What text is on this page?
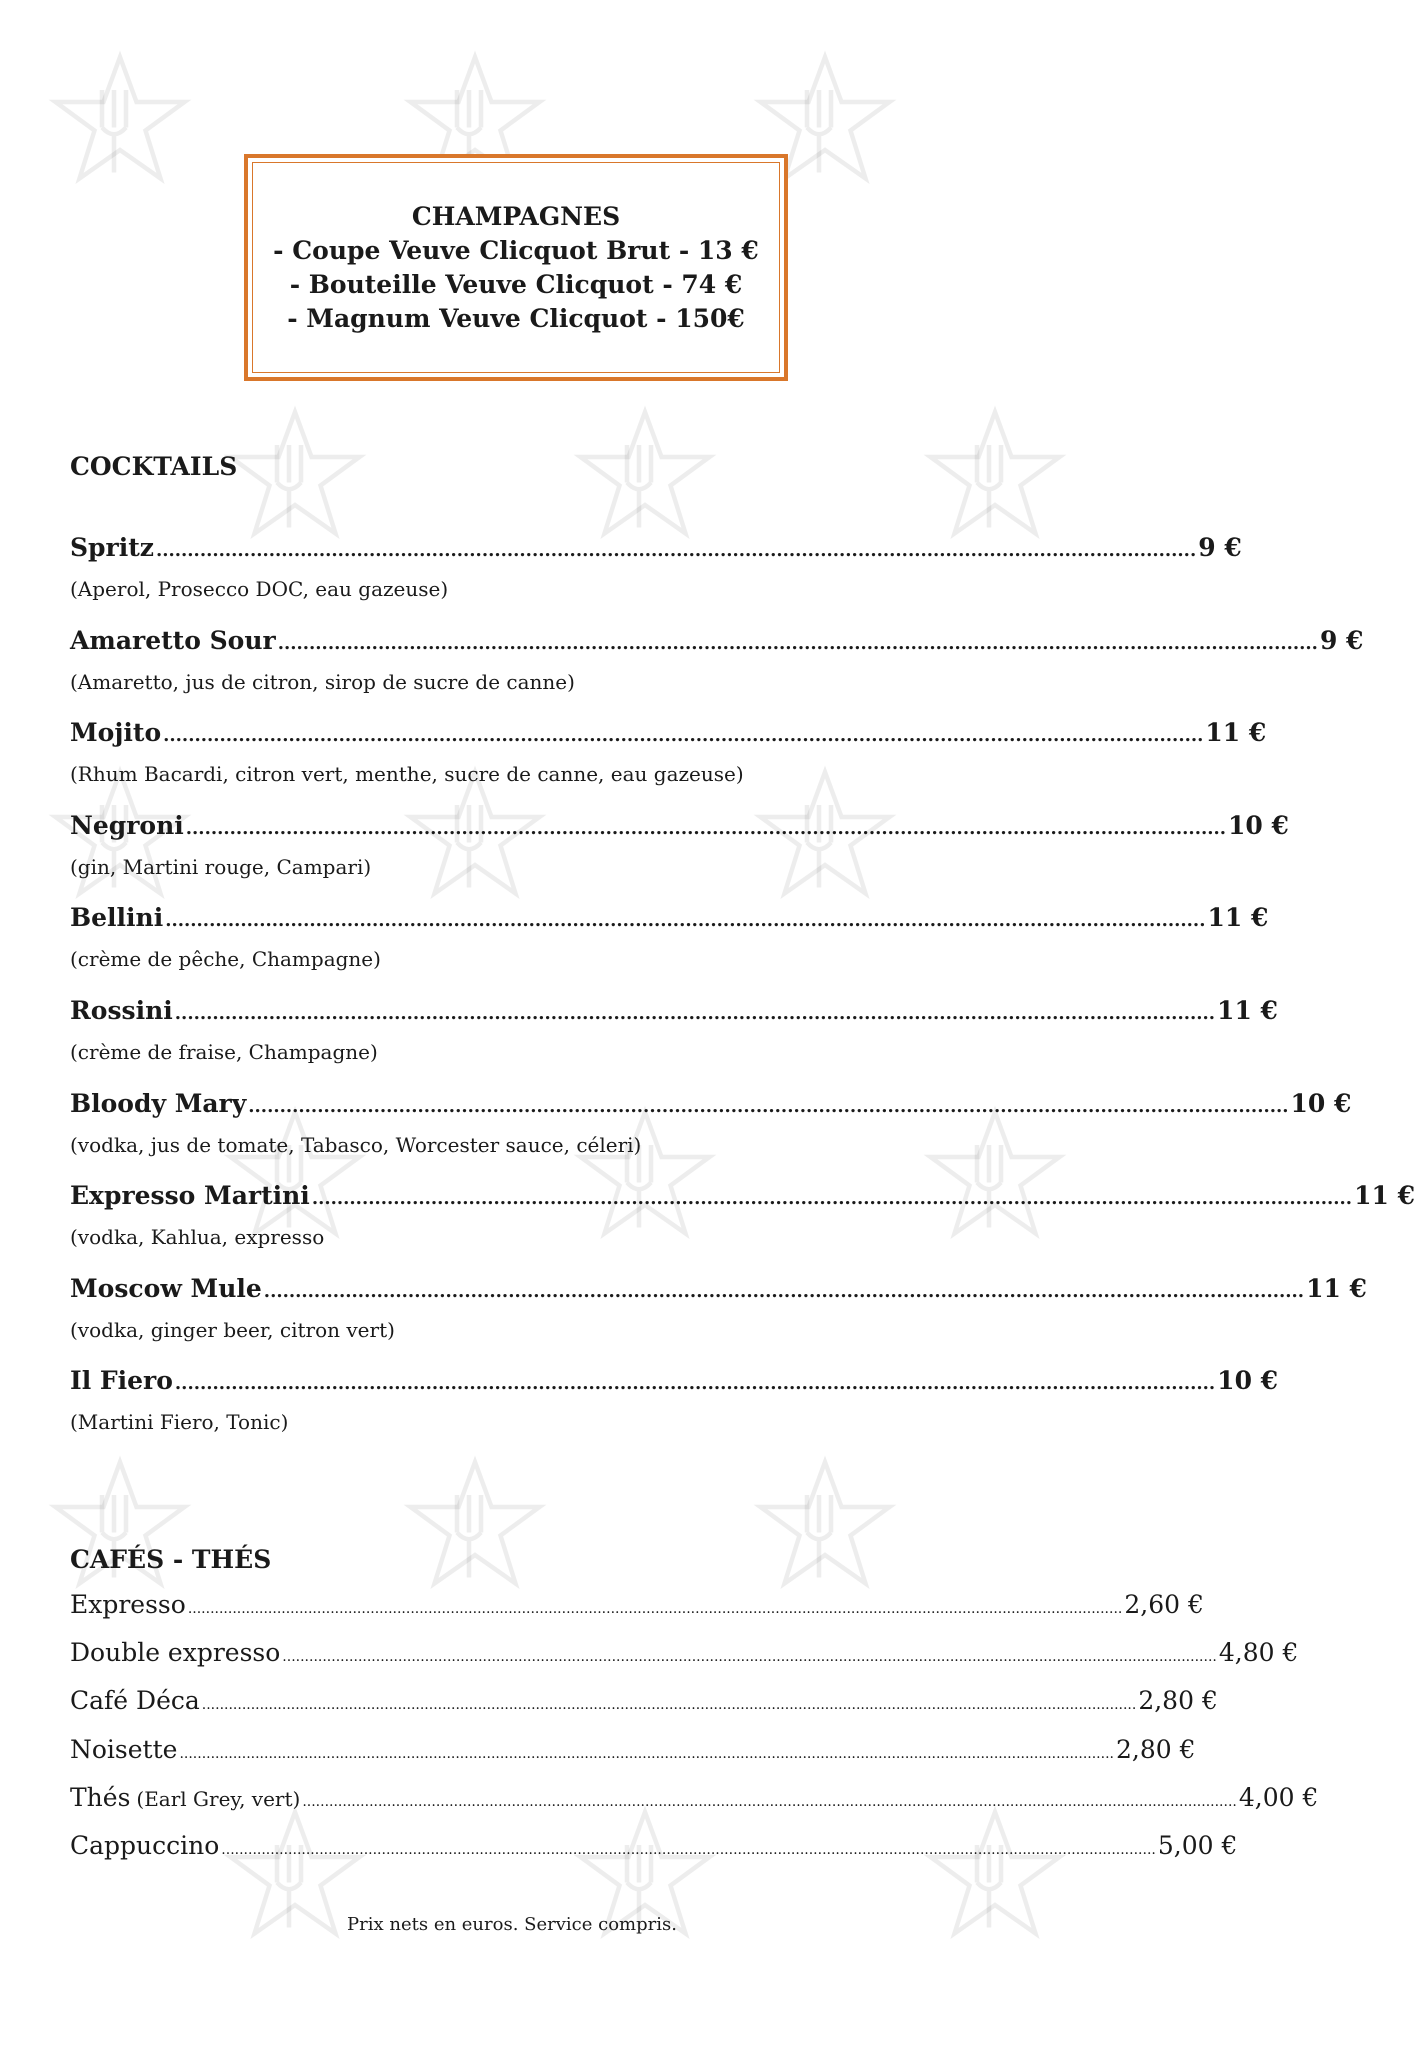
CHAMPAGNES
- Coupe Veuve Clicquot Brut - 13 €
- Bouteille Veuve Clicquot - 74 €
- Magnum Veuve Clicquot - 150€
COCKTAILS
Spritz ...................................................................................................................................................................... 9 €
(Aperol, Prosecco DOC, eau gazeuse)
Amaretto Sour ...................................................................................................................................................................... 9 €
(Amaretto, jus de citron, sirop de sucre de canne)
Mojito ...................................................................................................................................................................... 11 €
(Rhum Bacardi, citron vert, menthe, sucre de canne, eau gazeuse)
Negroni ...................................................................................................................................................................... 10 €
(gin, Martini rouge, Campari)
Bellini ...................................................................................................................................................................... 11 €
(crème de pêche, Champagne)
Rossini ...................................................................................................................................................................... 11 €
(crème de fraise, Champagne)
Bloody Mary ...................................................................................................................................................................... 10 €
(vodka, jus de tomate, Tabasco, Worcester sauce, céleri)
Expresso Martini ...................................................................................................................................................................... 11 €
(vodka, Kahlua, expresso
Moscow Mule ...................................................................................................................................................................... 11 €
(vodka, ginger beer, citron vert)
Il Fiero ...................................................................................................................................................................... 10 €
(Martini Fiero, Tonic)
CAFÉS - THÉS
Expresso .................................................................................................................................................................................................................. 2,60 €
Double expresso .................................................................................................................................................................................................................. 4,80 €
Café Déca .................................................................................................................................................................................................................. 2,80 €
Noisette .................................................................................................................................................................................................................. 2,80 €
Thés (Earl Grey, vert) .................................................................................................................................................................................................................. 4,00 €
Cappuccino .................................................................................................................................................................................................................. 5,00 €
Prix nets en euros. Service compris.
